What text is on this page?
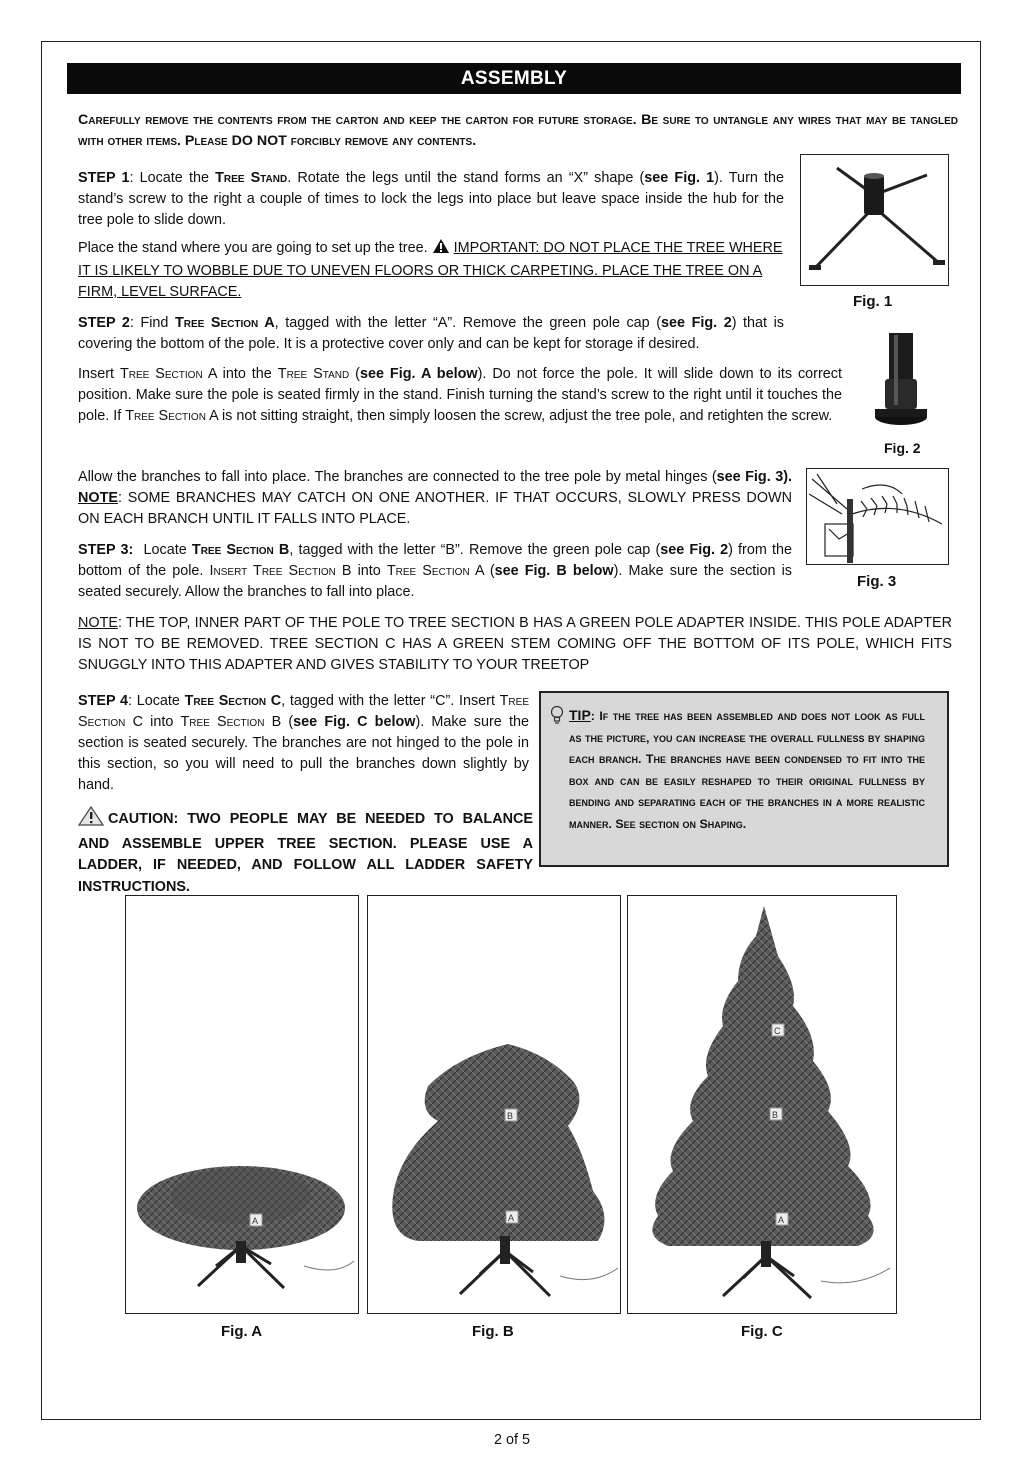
ASSEMBLY
Carefully remove the contents from the carton and keep the carton for future storage. Be sure to untangle any wires that may be tangled with other items. Please DO NOT forcibly remove any contents.
STEP 1: Locate the Tree Stand. Rotate the legs until the stand forms an “X” shape (see Fig. 1). Turn the stand’s screw to the right a couple of times to lock the legs into place but leave space inside the hub for the tree pole to slide down.
Place the stand where you are going to set up the tree. IMPORTANT: DO NOT PLACE THE TREE WHERE IT IS LIKELY TO WOBBLE DUE TO UNEVEN FLOORS OR THICK CARPETING. PLACE THE TREE ON A FIRM, LEVEL SURFACE.
Fig. 1
STEP 2: Find Tree Section A, tagged with the letter “A”. Remove the green pole cap (see Fig. 2) that is covering the bottom of the pole. It is a protective cover only and can be kept for storage if desired.
Insert Tree Section A into the Tree Stand (see Fig. A below). Do not force the pole. It will slide down to its correct position. Make sure the pole is seated firmly in the stand. Finish turning the stand’s screw to the right until it touches the pole. If Tree Section A is not sitting straight, then simply loosen the screw, adjust the tree pole, and retighten the screw.
Fig. 2
Allow the branches to fall into place. The branches are connected to the tree pole by metal hinges (see Fig. 3). NOTE: SOME BRANCHES MAY CATCH ON ONE ANOTHER. IF THAT OCCURS, SLOWLY PRESS DOWN ON EACH BRANCH UNTIL IT FALLS INTO PLACE.
Fig. 3
STEP 3:  Locate Tree Section B, tagged with the letter “B”. Remove the green pole cap (see Fig. 2) from the bottom of the pole. Insert Tree Section B into Tree Section A (see Fig. B below). Make sure the section is seated securely. Allow the branches to fall into place.
NOTE: THE TOP, INNER PART OF THE POLE TO TREE SECTION B HAS A GREEN POLE ADAPTER INSIDE. THIS POLE ADAPTER IS NOT TO BE REMOVED. TREE SECTION C HAS A GREEN STEM COMING OFF THE BOTTOM OF ITS POLE, WHICH FITS SNUGGLY INTO THIS ADAPTER AND GIVES STABILITY TO YOUR TREETOP
STEP 4: Locate Tree Section C, tagged with the letter “C”. Insert Tree Section C into Tree Section B (see Fig. C below). Make sure the section is seated securely. The branches are not hinged to the pole in this section, so you will need to pull the branches down slightly by hand.
CAUTION: TWO PEOPLE MAY BE NEEDED TO BALANCE AND ASSEMBLE UPPER TREE SECTION. PLEASE USE A LADDER, IF NEEDED, AND FOLLOW ALL LADDER SAFETY INSTRUCTIONS.
TIP: If the tree has been assembled and does not look as full as the picture, you can increase the overall fullness by shaping each branch. The branches have been condensed to fit into the box and can be easily reshaped to their original fullness by bending and separating each of the branches in a more realistic manner. See section on Shaping.
A
B
A
C
B
A
Fig. A	Fig. B	Fig. C
2 of 5
